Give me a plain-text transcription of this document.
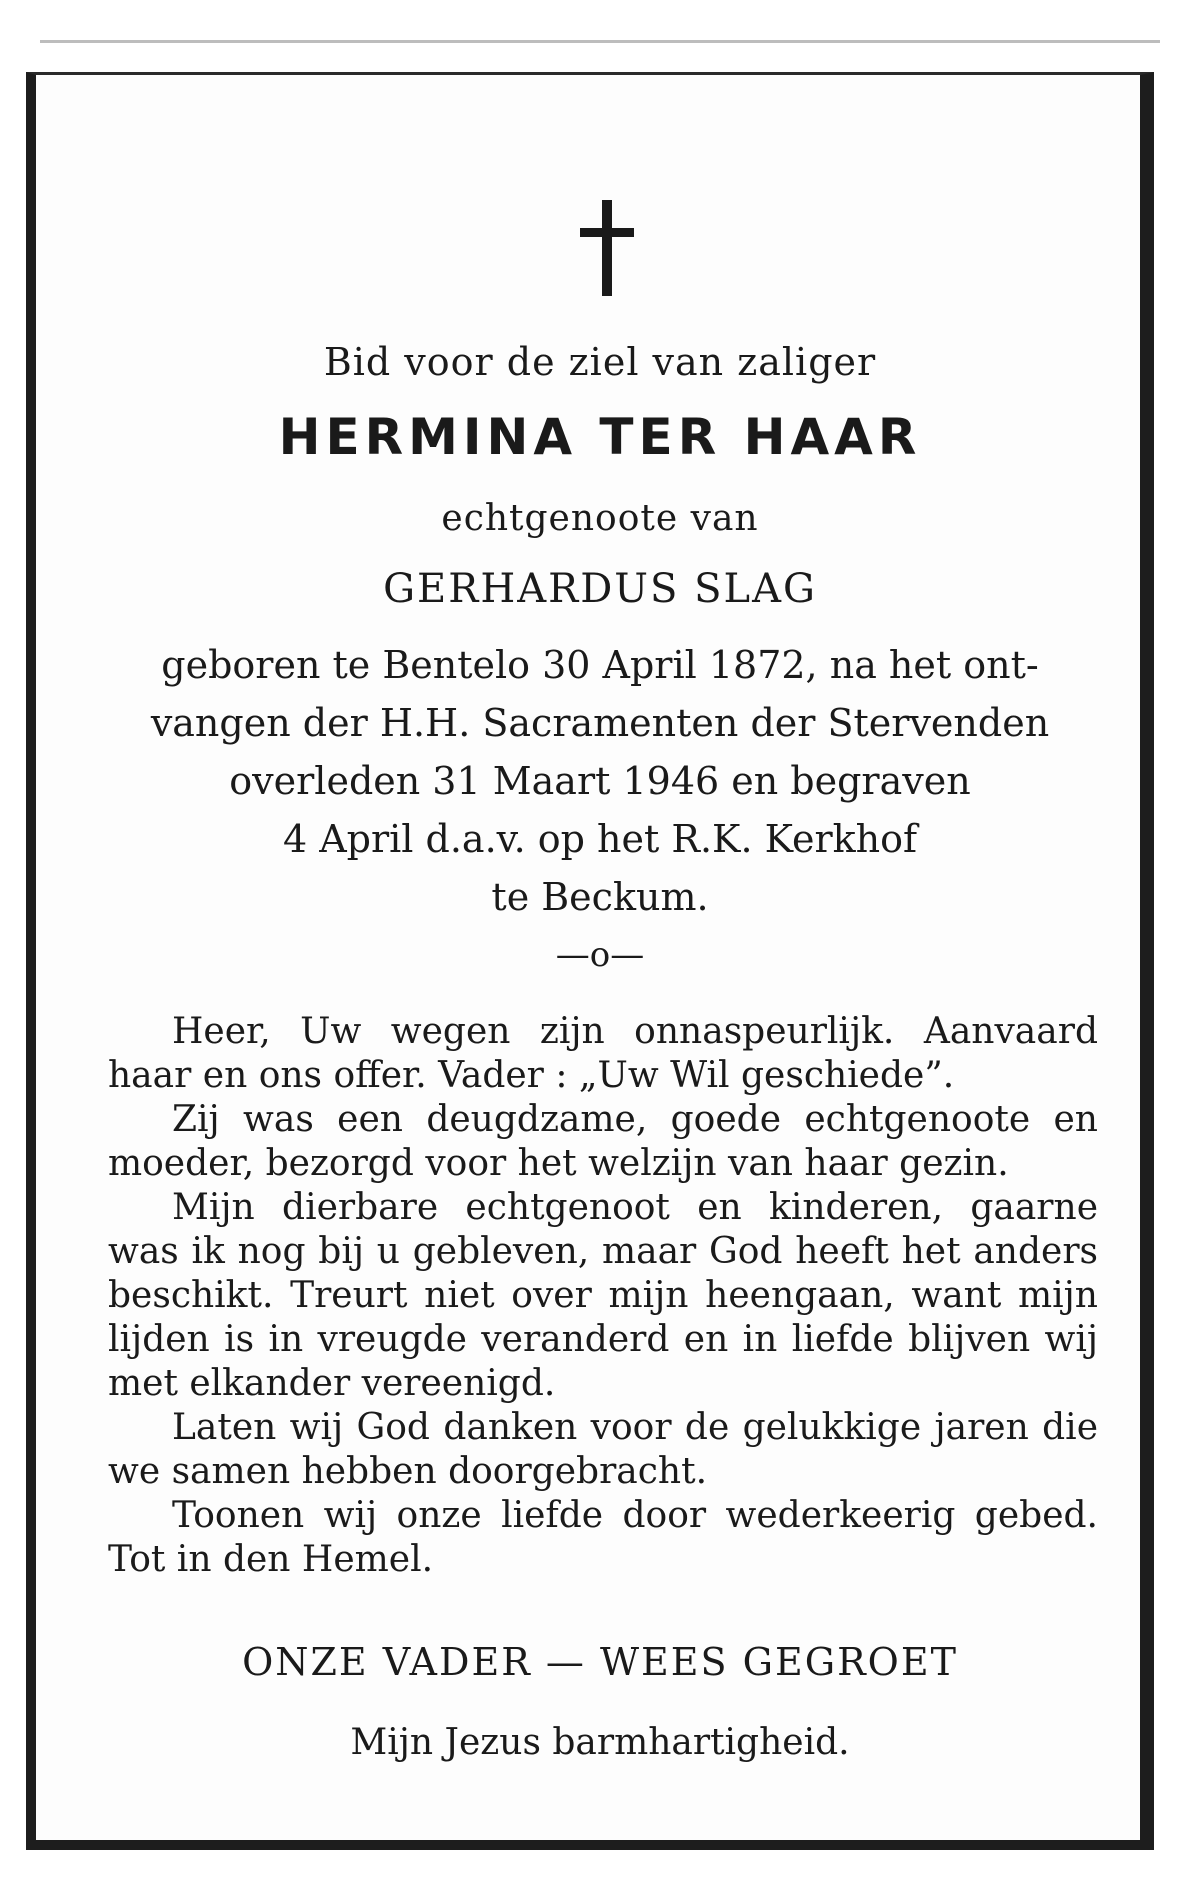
Bid voor de ziel van zaliger
HERMINA TER HAAR
echtgenoote van
GERHARDUS SLAG
geboren te Bentelo 30 April 1872, na het ont-
vangen der H.H. Sacramenten der Stervenden
overleden 31 Maart 1946 en begraven
4 April d.a.v. op het R.K. Kerkhof
te Beckum.
—o—

Heer, Uw wegen zijn onnaspeurlijk. Aanvaard haar en ons offer. Vader : „Uw Wil geschiede”.

Zij was een deugdzame, goede echtgenoote en moeder, bezorgd voor het welzijn van haar gezin.

Mijn dierbare echtgenoot en kinderen, gaarne was ik nog bij u gebleven, maar God heeft het anders beschikt. Treurt niet over mijn heengaan, want mijn lijden is in vreugde veranderd en in liefde blijven wij met elkander vereenigd.

Laten wij God danken voor de gelukkige jaren die we samen hebben doorgebracht.

Toonen wij onze liefde door wederkeerig gebed. Tot in den Hemel.

ONZE VADER — WEES GEGROET
Mijn Jezus barmhartigheid.
